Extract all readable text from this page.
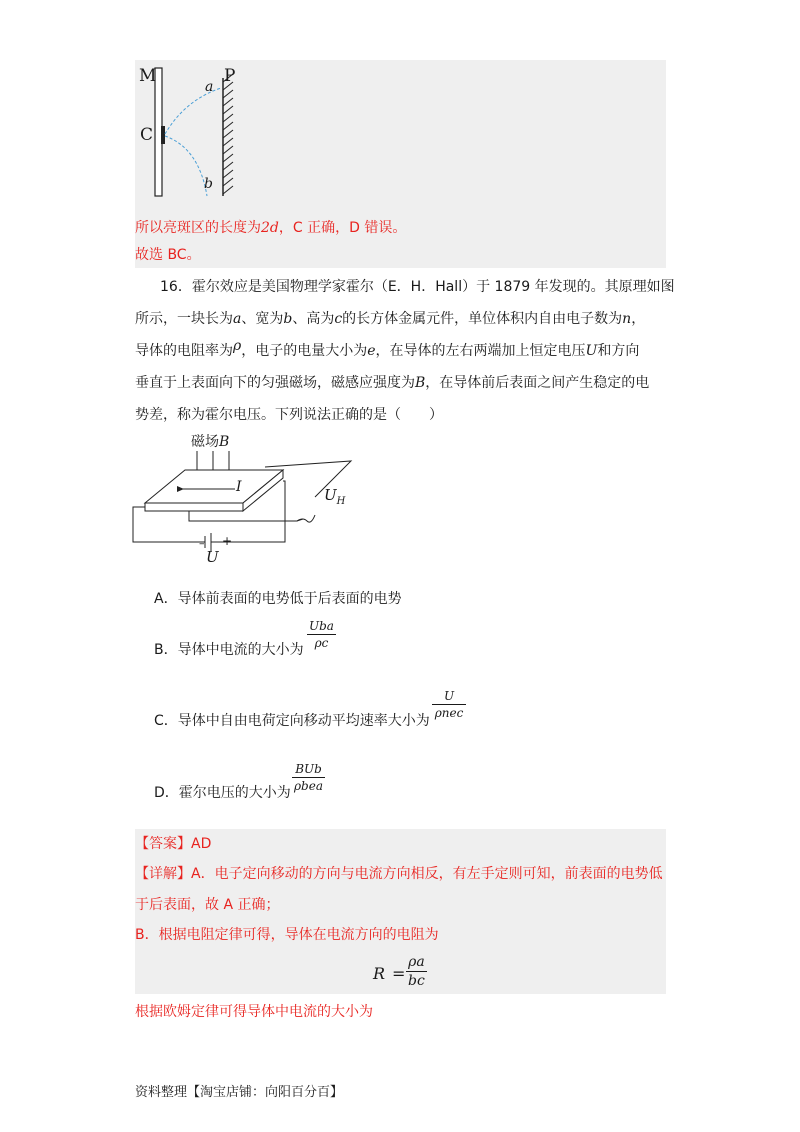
M	P
C
a
b
所以亮斑区的长度为2d，C 正确，D 错误。
故选 BC。
16．霍尔效应是美国物理学家霍尔（E．H．Hall）于 1879 年发现的。其原理如图
所示，一块长为a、宽为b、高为c的长方体金属元件，单位体积内自由电子数为n，
导体的电阻率为ρ，电子的电量大小为e，在导体的左右两端加上恒定电压U和方向
垂直于上表面向下的匀强磁场，磁感应强度为B，在导体前后表面之间产生稳定的电
势差，称为霍尔电压。下列说法正确的是（　　）
磁场B
I	$U_H$
– +
U
A．导体前表面的电势低于后表面的电势
B．导体中电流的大小为
Uba
ρc
C．导体中自由电荷定向移动平均速率大小为
U
ρnec
D．霍尔电压的大小为
BUb
ρbea
【答案】AD
【详解】A．电子定向移动的方向与电流方向相反，有左手定则可知，前表面的电势低
于后表面，故 A 正确；
B．根据电阻定律可得，导体在电流方向的电阻为
R =
ρa
bc
根据欧姆定律可得导体中电流的大小为
资料整理【淘宝店铺：向阳百分百】
